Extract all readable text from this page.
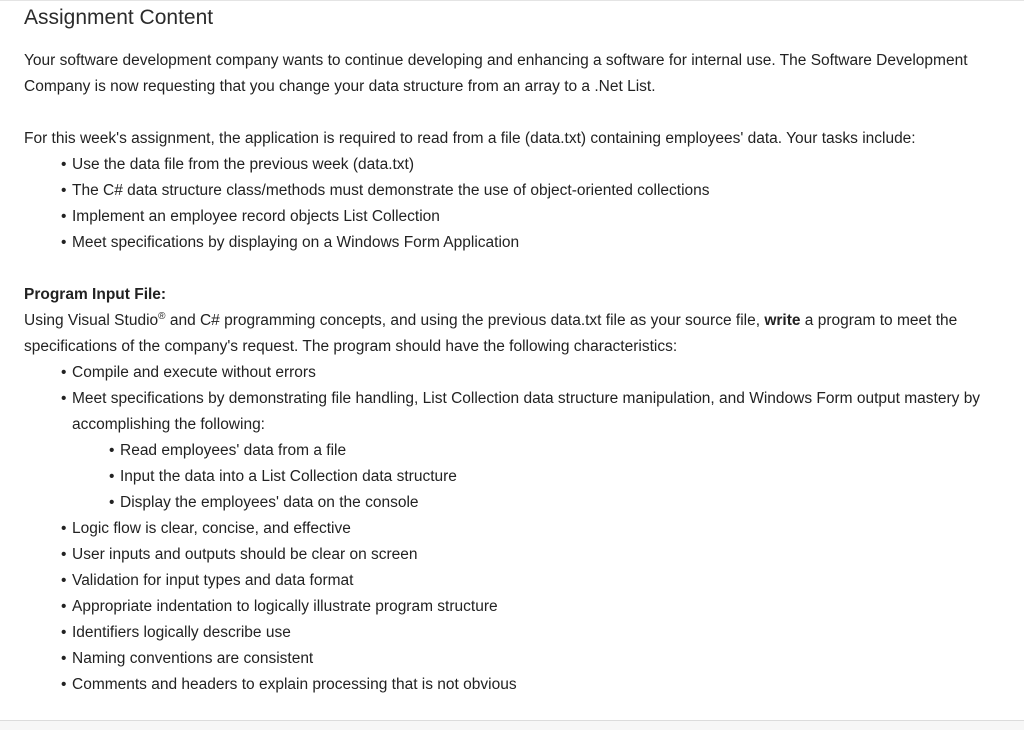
Assignment Content

Your software development company wants to continue developing and enhancing a software for internal use. The Software Development Company is now requesting that you change your data structure from an array to a .Net List.

For this week's assignment, the application is required to read from a file (data.txt) containing employees' data. Your tasks include:

• Use the data file from the previous week (data.txt)
• The C# data structure class/methods must demonstrate the use of object-oriented collections
• Implement an employee record objects List Collection
• Meet specifications by displaying on a Windows Form Application
Program Input File:

Using Visual Studio® and C# programming concepts, and using the previous data.txt file as your source file, write a program to meet the specifications of the company's request. The program should have the following characteristics:

• Compile and execute without errors
• Meet specifications by demonstrating file handling, List Collection data structure manipulation, and Windows Form output mastery by accomplishing the following:
• Read employees' data from a file
• Input the data into a List Collection data structure
• Display the employees' data on the console
• Logic flow is clear, concise, and effective
• User inputs and outputs should be clear on screen
• Validation for input types and data format
• Appropriate indentation to logically illustrate program structure
• Identifiers logically describe use
• Naming conventions are consistent
• Comments and headers to explain processing that is not obvious
